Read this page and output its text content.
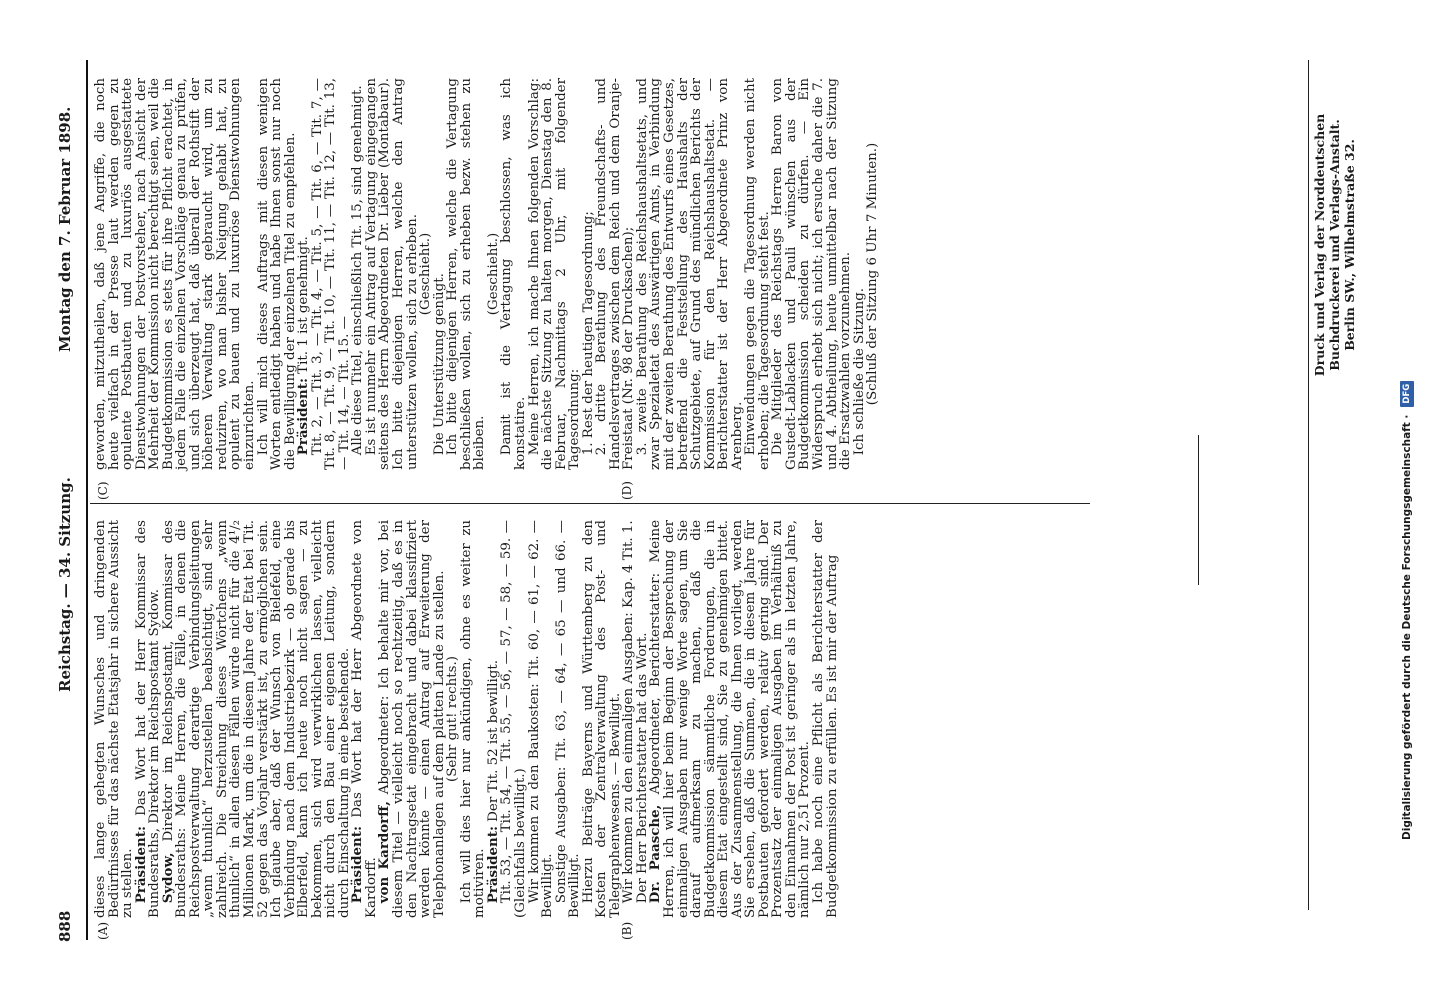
888
Reichstag. — 34. Sitzung.
Montag den 7. Februar 1898.
(A)	(B)
(C)	(D)

dieses lange gehegten Wunsches und dringenden Bedürfnisses für das nächste Etatsjahr in sichere Aussicht zu stellen.

Präsident: Das Wort hat der Herr Kommissar des Bundesraths, Direktor im Reichspostamt Sydow.

Sydow, Direktor im Reichspostamt, Kommissar des Bundesraths: Meine Herren, die Fälle, in denen die Reichspostverwaltung derartige Verbindungsleitungen „wenn thunlich“ herzustellen beabsichtigt, sind sehr zahlreich. Die Streichung dieses Wörtchens „wenn thunlich“ in allen diesen Fällen würde nicht für die 4¹/₂ Millionen Mark, um die in diesem Jahre der Etat bei Tit. 52 gegen das Vorjahr verstärkt ist, zu ermöglichen sein. Ich glaube aber, daß der Wunsch von Bielefeld, eine Verbindung nach dem Industriebezirk — ob gerade bis Elberfeld, kann ich heute noch nicht sagen — zu bekommen, sich wird verwirklichen lassen, vielleicht nicht durch den Bau einer eigenen Leitung, sondern durch Einschaltung in eine bestehende.

Präsident: Das Wort hat der Herr Abgeordnete von Kardorff.

von Kardorff, Abgeordneter: Ich behalte mir vor, bei diesem Titel — vielleicht noch so rechtzeitig, daß es in den Nachtragsetat eingebracht und dabei klassifiziert werden könnte — einen Antrag auf Erweiterung der Telephonanlagen auf dem platten Lande zu stellen.

(Sehr gut! rechts.)

Ich will dies hier nur ankündigen, ohne es weiter zu motiviren.

Präsident: Der Tit. 52 ist bewilligt.

Tit. 53, — Tit. 54, — Tit. 55, — 56, — 57, — 58, — 59. — (Gleichfalls bewilligt.)

Wir kommen zu den Baukosten: Tit. 60, — 61, — 62. — Bewilligt.

Sonstige Ausgaben: Tit. 63, — 64, — 65 — und 66. — Bewilligt.

Hierzu Beiträge Bayerns und Württemberg zu den Kosten der Zentralverwaltung des Post- und Telegraphenwesens. — Bewilligt.

Wir kommen zu den einmaligen Ausgaben: Kap. 4 Tit. 1.

Der Herr Berichterstatter hat das Wort.

Dr. Paasche, Abgeordneter, Berichterstatter: Meine Herren, ich will hier beim Beginn der Besprechung der einmaligen Ausgaben nur wenige Worte sagen, um Sie darauf aufmerksam zu machen, daß die Budgetkommission sämmtliche Forderungen, die in diesem Etat eingestellt sind, Sie zu genehmigen bittet. Aus der Zusammenstellung, die Ihnen vorliegt, werden Sie ersehen, daß die Summen, die in diesem Jahre für Postbauten gefordert werden, relativ gering sind. Der Prozentsatz der einmaligen Ausgaben im Verhältniß zu den Einnahmen der Post ist geringer als in letzten Jahre, nämlich nur 2,51 Prozent.

Ich habe noch eine Pflicht als Berichterstatter der Budgetkommission zu erfüllen. Es ist mir der Auftrag

geworden, mitzutheilen, daß jene Angriffe, die noch heute vielfach in der Presse laut werden gegen zu opulente Postbauten und zu luxuriös ausgestattete Dienstwohnungen der Postvorsteher, nach Ansicht der Mehrheit der Kommission nicht berechtigt seien, weil die Budgetkommission es stets für ihre Pflicht erachtet, in jedem Falle die einzelnen Vorschläge genau zu prüfen, und sich überzeugt hat, daß überall der Rothstift der höheren Verwaltung stark gebraucht wird, um zu reduziren, wo man bisher Neigung gehabt hat, zu opulent zu bauen und zu luxuriöse Dienstwohnungen einzurichten.

Ich will mich dieses Auftrags mit diesen wenigen Worten entledigt haben und habe Ihnen sonst nur noch die Bewilligung der einzelnen Titel zu empfehlen.

Präsident: Tit. 1 ist genehmigt.

Tit. 2, — Tit. 3, — Tit. 4, — Tit. 5, — Tit. 6, — Tit. 7, — Tit. 8, — Tit. 9, — Tit. 10, — Tit. 11, — Tit. 12, — Tit. 13, — Tit. 14, — Tit. 15. —

Alle diese Titel, einschließlich Tit. 15, sind genehmigt.

Es ist nunmehr ein Antrag auf Vertagung eingegangen seitens des Herrn Abgeordneten Dr. Lieber (Montabaur). Ich bitte diejenigen Herren, welche den Antrag unterstützen wollen, sich zu erheben.

(Geschieht.)

Die Unterstützung genügt.

Ich bitte diejenigen Herren, welche die Vertagung beschließen wollen, sich zu erheben bezw. stehen zu bleiben.

(Geschieht.)

Damit ist die Vertagung beschlossen, was ich konstatire.

Meine Herren, ich mache Ihnen folgenden Vorschlag: die nächste Sitzung zu halten morgen, Dienstag den 8. Februar, Nachmittags 2 Uhr, mit folgender Tagesordnung:

1. Rest der heutigen Tagesordnung;

2. dritte Berathung des Freundschafts- und Handelsvertrages zwischen dem Reich und dem Oranje-Freistaat (Nr. 98 der Drucksachen);

3. zweite Berathung des Reichshaushaltsetats, und zwar Spezialetat des Auswärtigen Amts, in Verbindung mit der zweiten Berathung des Entwurfs eines Gesetzes, betreffend die Feststellung des Haushalts der Schutzgebiete, auf Grund des mündlichen Berichts der Kommission für den Reichshaushaltsetat. — Berichterstatter ist der Herr Abgeordnete Prinz von Arenberg.

Einwendungen gegen die Tagesordnung werden nicht erhoben; die Tagesordnung steht fest.

Die Mitglieder des Reichstags Herren Baron von Gustedt-Lablacken und Pauli wünschen aus der Budgetkommission scheiden zu dürfen. — Ein Widerspruch erhebt sich nicht; ich ersuche daher die 7. und 4. Abtheilung, heute unmittelbar nach der Sitzung die Ersatzwahlen vorzunehmen.

Ich schließe die Sitzung.

(Schluß der Sitzung 6 Uhr 7 Minuten.)	Druck und Verlag der Norddeutschen Buchdruckerei und Verlags-Anstalt. Berlin SW., Wilhelmstraße 32.
Digitalisierung gefördert durch die Deutsche Forschungsgemeinschaft ·
DFG
